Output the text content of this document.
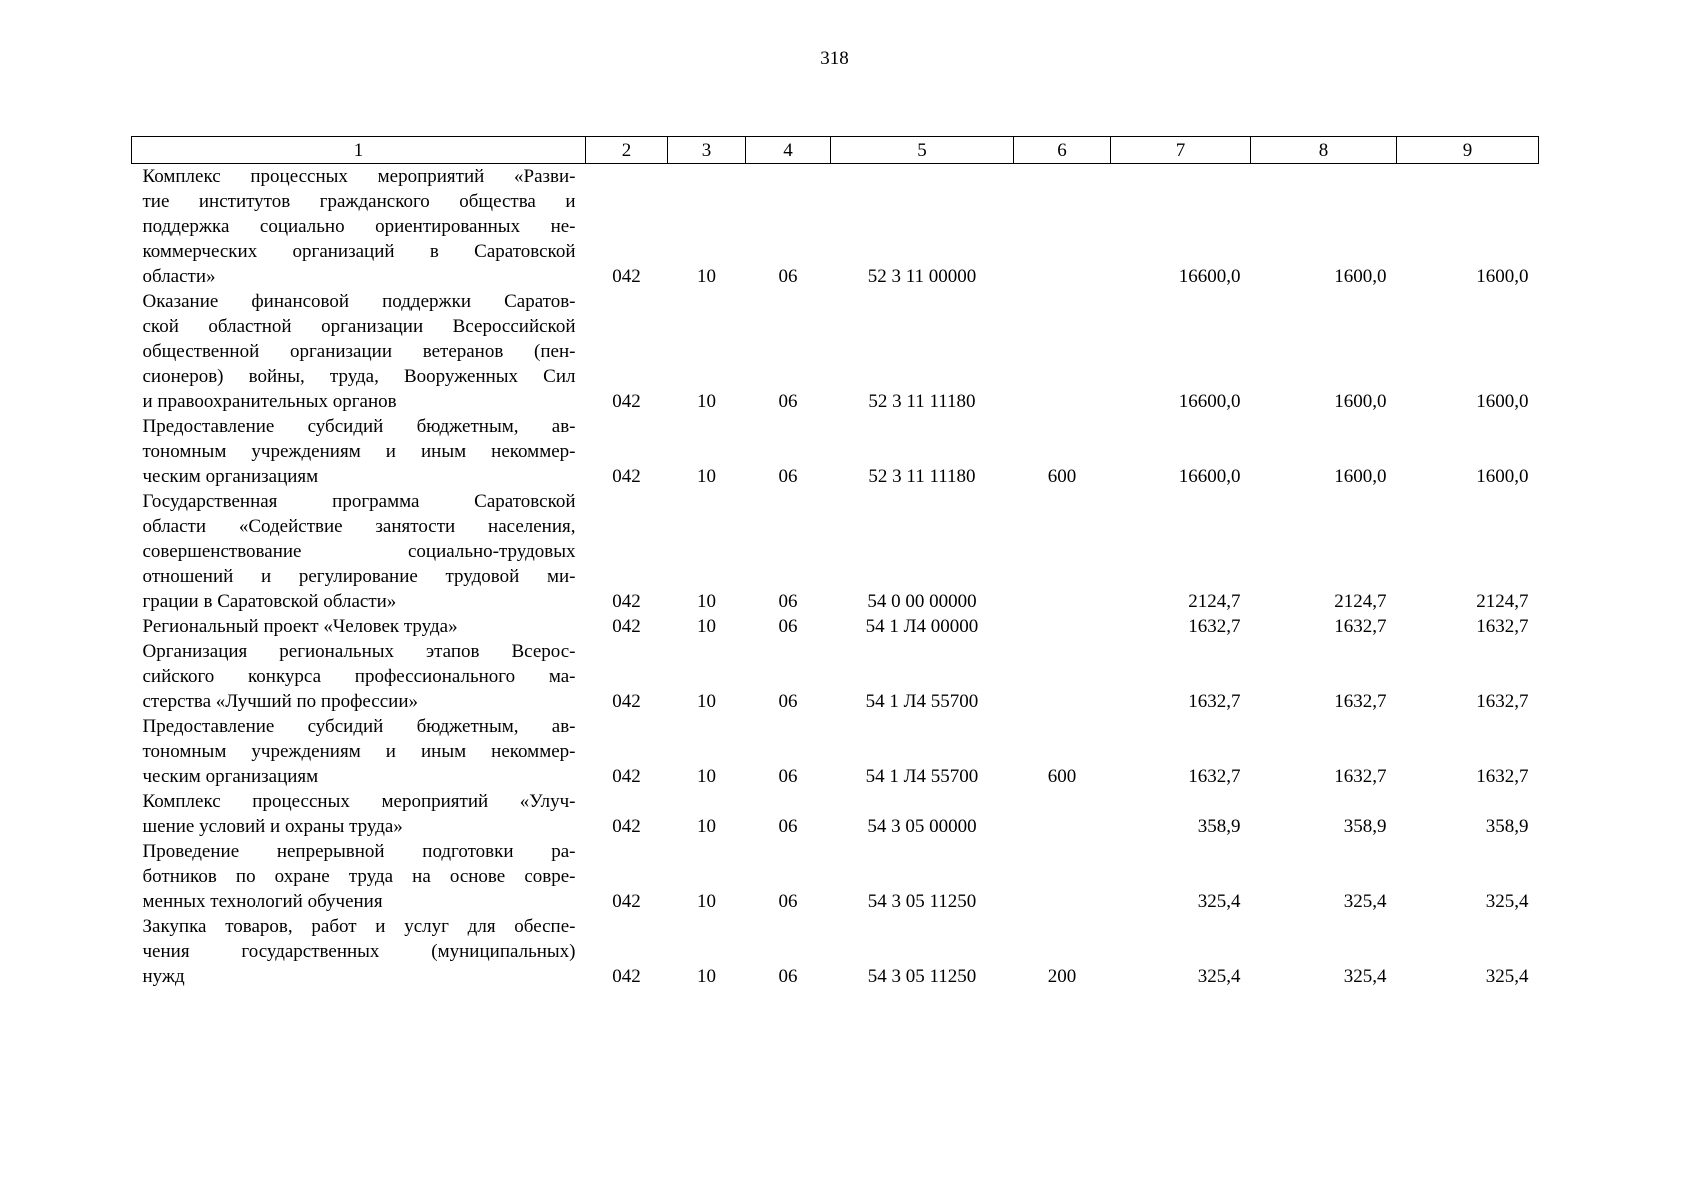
318
1	2	3	4	5	6	7	8	9

Комплекс процессных мероприятий «Разви-
тие институтов гражданского общества и
поддержка социально ориентированных не-
коммерческих организаций в Саратовской
области»	042	10	06	52 3 11 00000		16600,0	1600,0	1600,0

Оказание финансовой поддержки Саратов-
ской областной организации Всероссийской
общественной организации ветеранов (пен-
сионеров) войны, труда, Вооруженных Сил
и правоохранительных органов	042	10	06	52 3 11 11180		16600,0	1600,0	1600,0

Предоставление субсидий бюджетным, ав-
тономным учреждениям и иным некоммер-
ческим организациям	042	10	06	52 3 11 11180	600	16600,0	1600,0	1600,0

Государственная программа Саратовской
области «Содействие занятости населения,
совершенствование социально-трудовых
отношений и регулирование трудовой ми-
грации в Саратовской области»	042	10	06	54 0 00 00000		2124,7	2124,7	2124,7

Региональный проект «Человек труда»	042	10	06	54 1 Л4 00000		1632,7	1632,7	1632,7

Организация региональных этапов Всерос-
сийского конкурса профессионального ма-
стерства «Лучший по профессии»	042	10	06	54 1 Л4 55700		1632,7	1632,7	1632,7

Предоставление субсидий бюджетным, ав-
тономным учреждениям и иным некоммер-
ческим организациям	042	10	06	54 1 Л4 55700	600	1632,7	1632,7	1632,7

Комплекс процессных мероприятий «Улуч-
шение условий и охраны труда»	042	10	06	54 3 05 00000		358,9	358,9	358,9

Проведение непрерывной подготовки ра-
ботников по охране труда на основе совре-
менных технологий обучения	042	10	06	54 3 05 11250		325,4	325,4	325,4

Закупка товаров, работ и услуг для обеспе-
чения государственных (муниципальных)
нужд	042	10	06	54 3 05 11250	200	325,4	325,4	325,4
